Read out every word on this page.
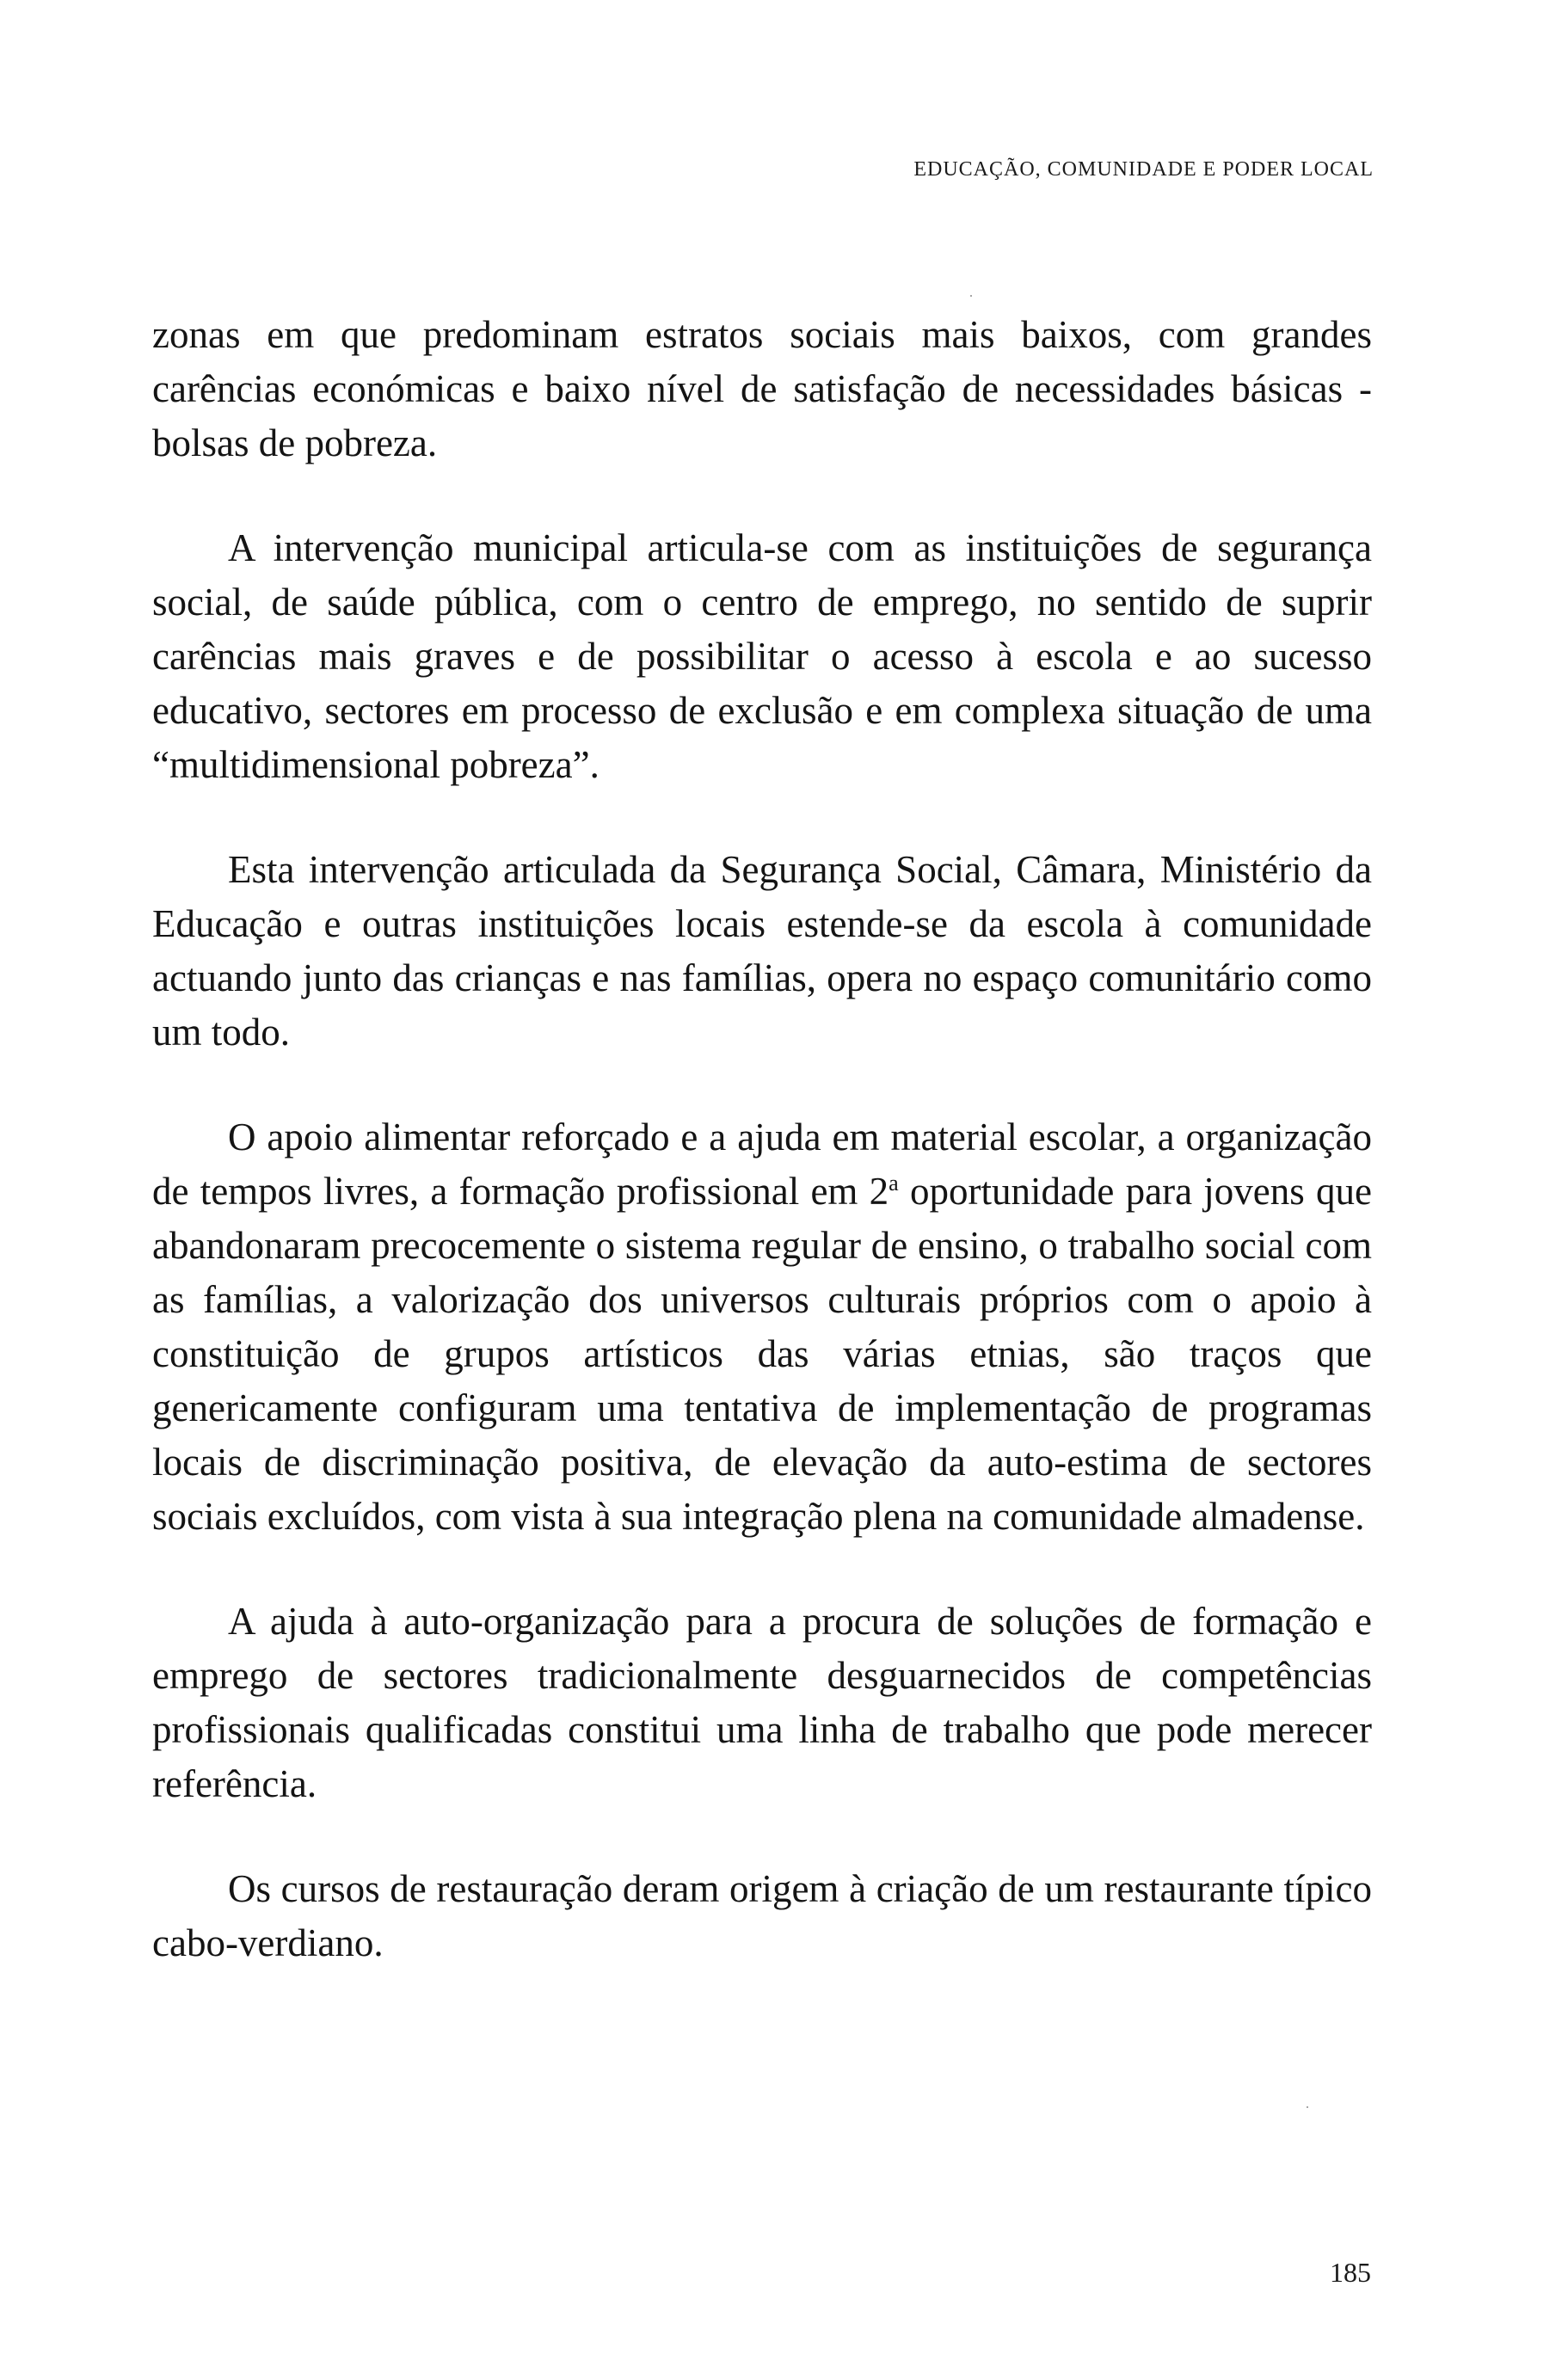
EDUCAÇÃO, COMUNIDADE E PODER LOCAL

zonas em que predominam estratos sociais mais baixos, com grandes carências económicas e baixo nível de satisfação de necessidades básicas - bolsas de pobreza.

A intervenção municipal articula-se com as instituições de segurança social, de saúde pública, com o centro de emprego, no sentido de suprir carências mais graves e de possibilitar o acesso à escola e ao sucesso educativo, sectores em processo de exclusão e em complexa situação de uma “multidimensional pobreza”.

Esta intervenção articulada da Segurança Social, Câmara, Ministério da Educação e outras instituições locais estende-se da escola à comunidade actuando junto das crianças e nas famílias, opera no espaço comunitário como um todo.

O apoio alimentar reforçado e a ajuda em material escolar, a organização de tempos livres, a formação profissional em 2$^a$ oportunidade para jovens que abandonaram precocemente o sistema regular de ensino, o trabalho social com as famílias, a valorização dos universos culturais próprios com o apoio à constituição de grupos artísticos das várias etnias, são traços que genericamente configuram uma tentativa de implementação de programas locais de discriminação positiva, de elevação da auto-estima de sectores sociais excluídos, com vista à sua integração plena na comunidade almadense.

A ajuda à auto-organização para a procura de soluções de formação e emprego de sectores tradicionalmente desguarnecidos de competências profissionais qualificadas constitui uma linha de trabalho que pode merecer referência.

Os cursos de restauração deram origem à criação de um restaurante típico cabo-verdiano.

185
